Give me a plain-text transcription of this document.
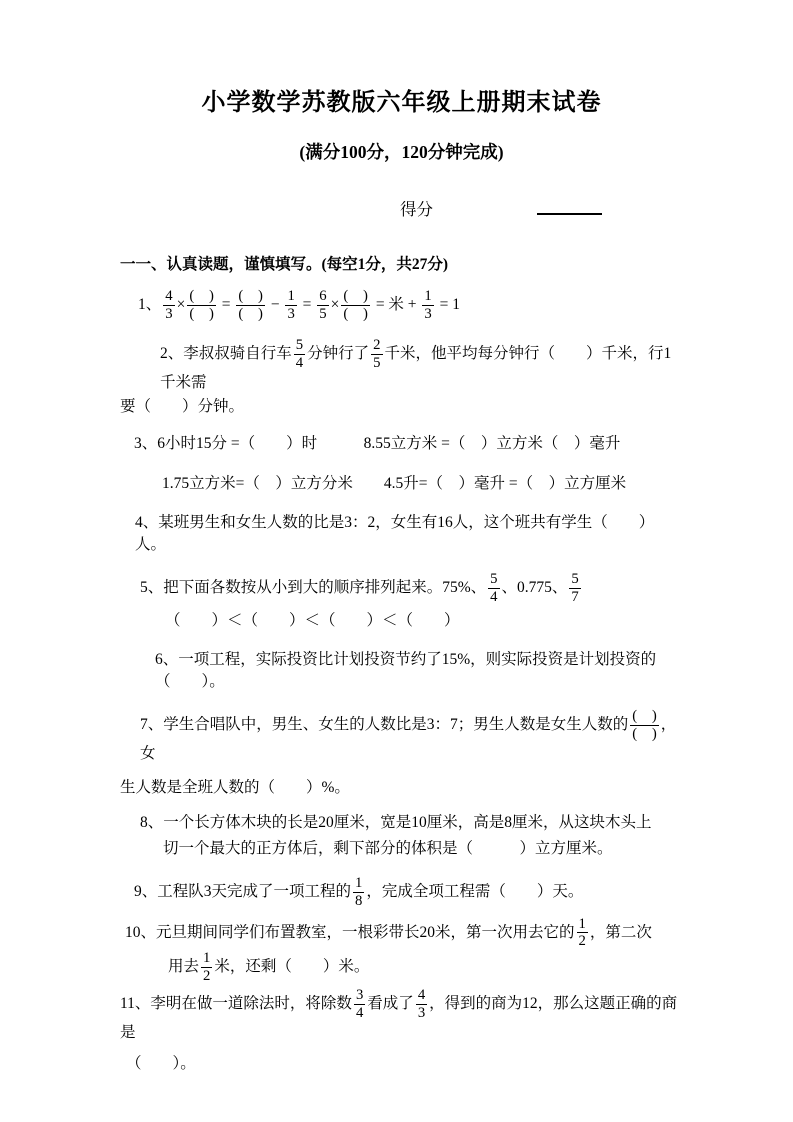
小学数学苏教版六年级上册期末试卷
(满分100分，120分钟完成)
得分
一一、认真读题，谨慎填写。(每空1分，共27分)
1、 $\frac{4}{3} \times \frac{( )}{( )} = \frac{( )}{( )} - \frac{1}{3} = \frac{6}{5} \times \frac{( )}{( )}$ = 米 + $\frac{1}{3} = 1$
2、李叔叔骑自行车 $\frac{5}{4}$ 分钟行了 $\frac{2}{5}$ 千米，他平均每分钟行（　　）千米，行1千米需
要（　　）分钟。
3、6小时15分 =（　　）时　　　8.55立方米 =（　）立方米（　）毫升
1.75立方米=（　）立方分米　　4.5升=（　）毫升 =（　）立方厘米
4、某班男生和女生人数的比是3：2，女生有16人，这个班共有学生（　　）人。
5、把下面各数按从小到大的顺序排列起来。75%、 $\frac{5}{4}$ 、0.775、 $\frac{5}{7}$
（　　）＜（　　）＜（　　）＜（　　）
6、一项工程，实际投资比计划投资节约了15%，则实际投资是计划投资的（　　）。
7、学生合唱队中，男生、女生的人数比是3：7；男生人数是女生人数的 $\frac{( )}{( )}$ ，女
生人数是全班人数的（　　）%。
8、一个长方体木块的长是20厘米，宽是10厘米，高是8厘米，从这块木头上
切一个最大的正方体后，剩下部分的体积是（　　　）立方厘米。
9、工程队3天完成了一项工程的 $\frac{1}{8}$ ，完成全项工程需（　　）天。
10、元旦期间同学们布置教室，一根彩带长20米，第一次用去它的 $\frac{1}{2}$ ，第二次
用去 $\frac{1}{2}$ 米，还剩（　　）米。
11、李明在做一道除法时，将除数 $\frac{3}{4}$ 看成了 $\frac{4}{3}$ ，得到的商为12，那么这题正确的商是
（　　）。
